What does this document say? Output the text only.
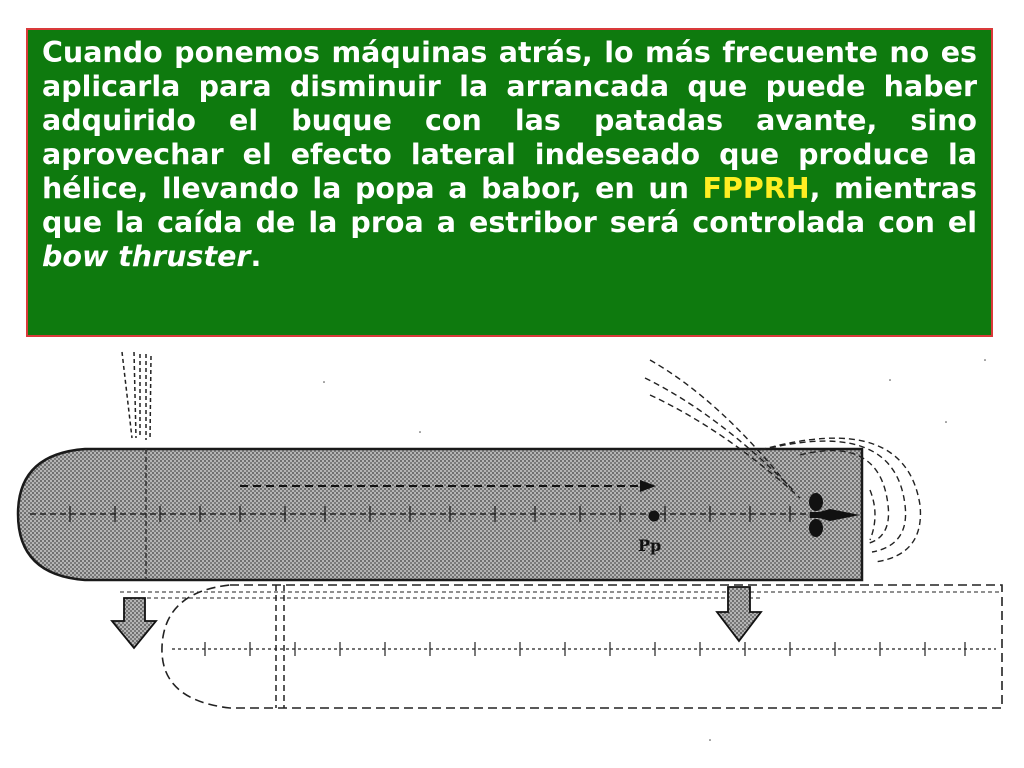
Cuando ponemos máquinas atrás, lo más frecuente no es aplicarla para disminuir la arrancada que puede haber adquirido el buque con las patadas avante, sino aprovechar el efecto lateral indeseado que produce la hélice, llevando la popa a babor, en un FPPRH, mientras que la caída de la proa a estribor será controlada con el bow thruster.
Pp
